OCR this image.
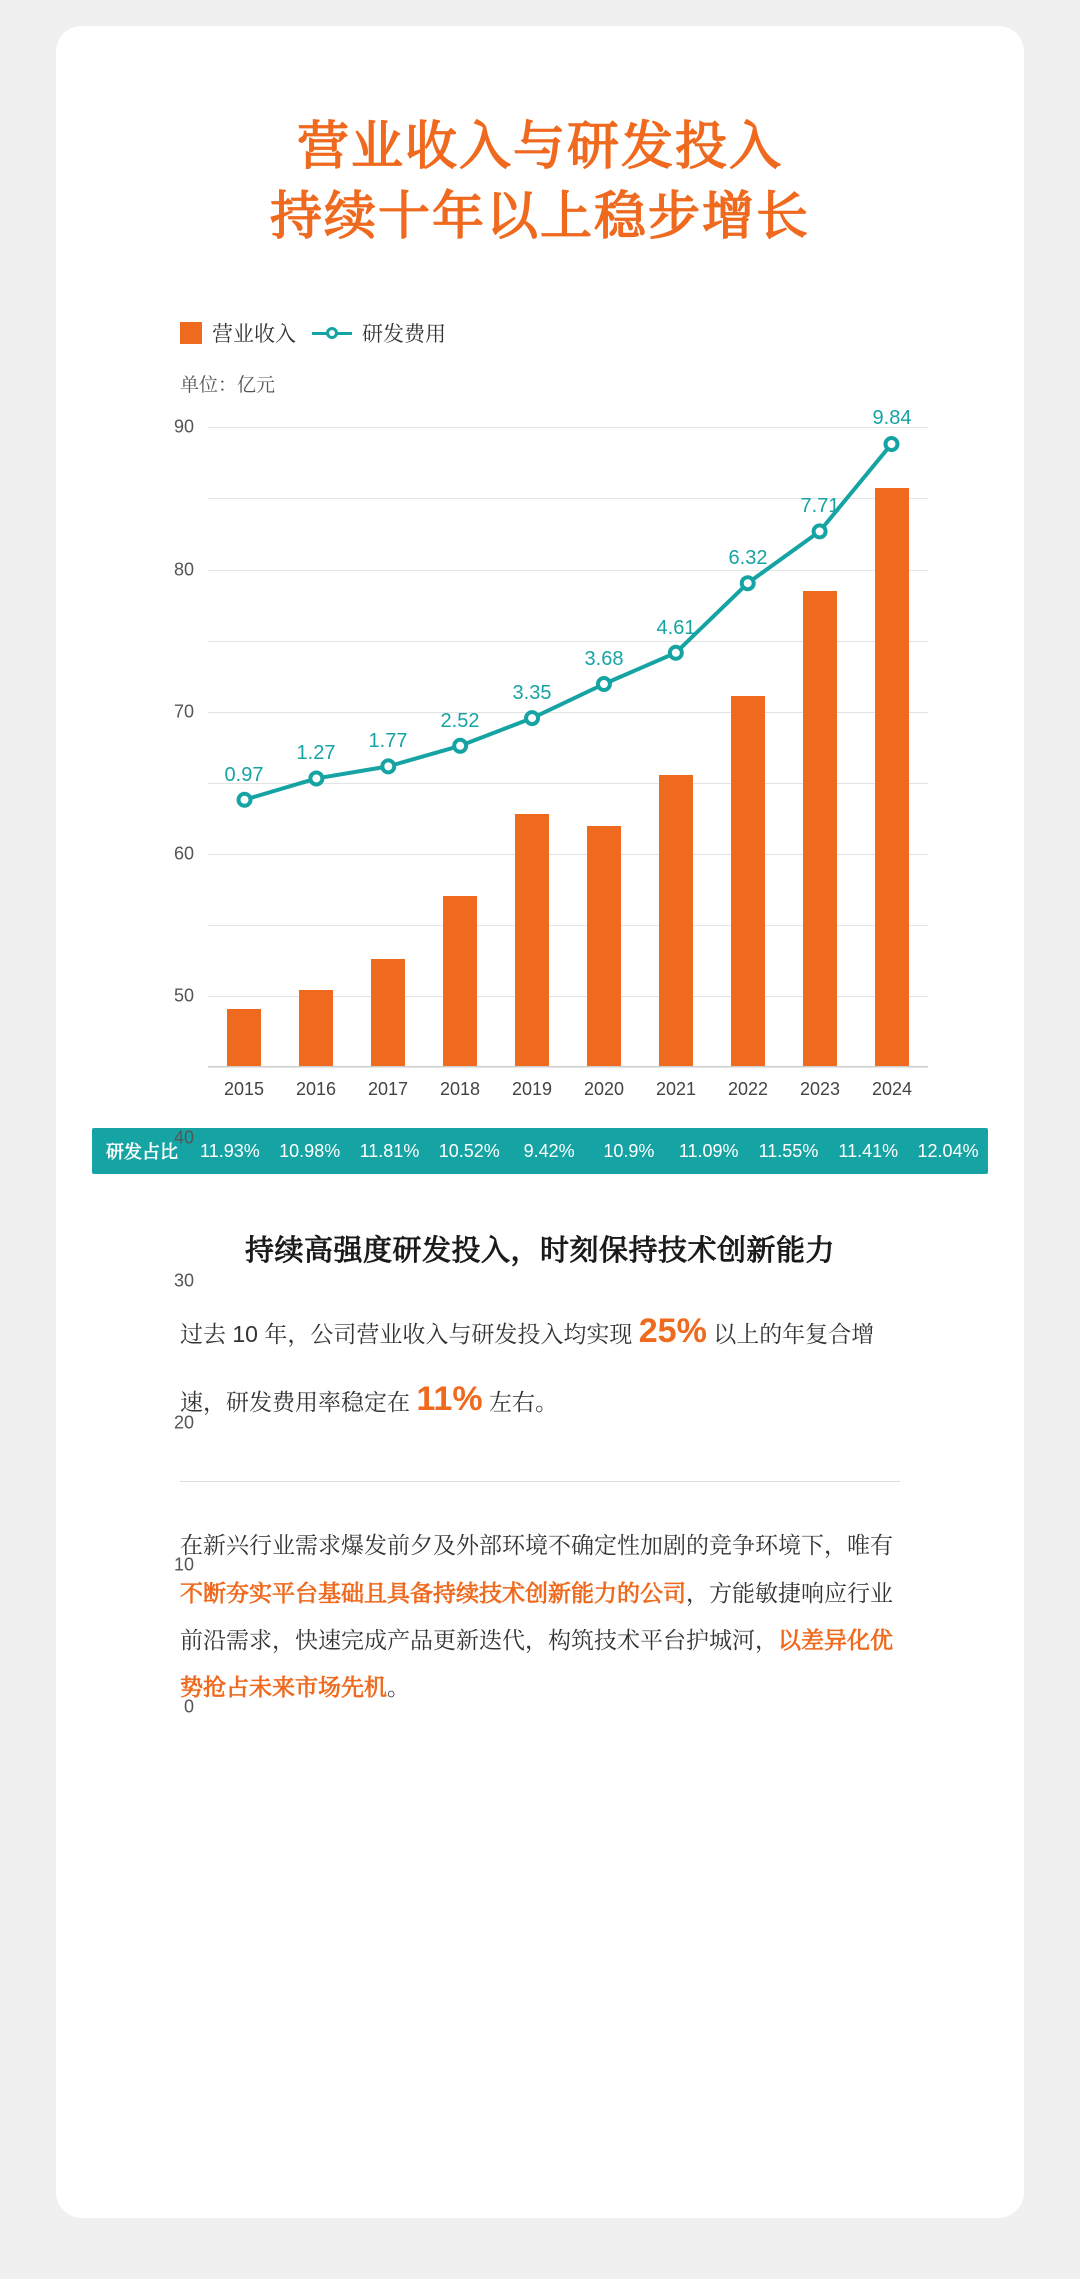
营业收入与研发投入
持续十年以上稳步增长
营业收入	研发费用
单位：亿元
0
10
20
30
40
50
60
70
80
90
0.97
1.27
1.77
2.52
3.35
3.68
4.61
6.32
7.71
9.84
2015	2016	2017	2018	2019	2020	2021	2022	2023	2024
研发占比	11.93%	10.98%	11.81%	10.52%	9.42%	10.9%	11.09%	11.55%	11.41%	12.04%
持续高强度研发投入，时刻保持技术创新能力
过去 10 年，公司营业收入与研发投入均实现 25% 以上的年复合增速，研发费用率稳定在 11% 左右。
在新兴行业需求爆发前夕及外部环境不确定性加剧的竞争环境下，唯有不断夯实平台基础且具备持续技术创新能力的公司，方能敏捷响应行业前沿需求，快速完成产品更新迭代，构筑技术平台护城河，以差异化优势抢占未来市场先机。
